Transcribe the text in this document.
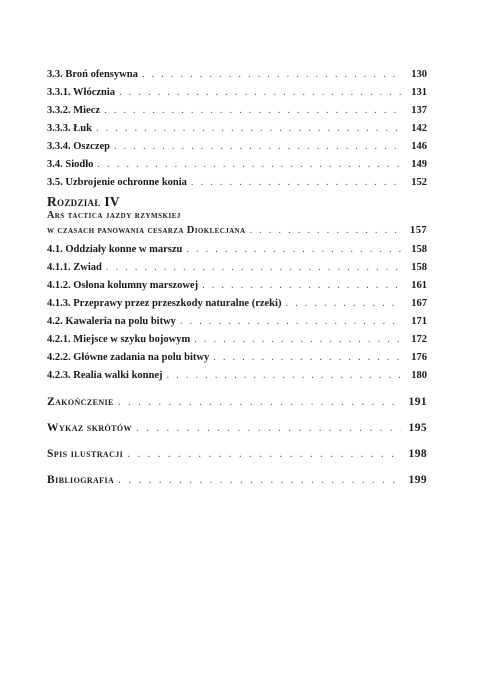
3.3. Broń ofensywna . . .	130
3.3.1. Włócznia . . .	131
3.3.2. Miecz . . .	137
3.3.3. Łuk . . .	142
3.3.4. Oszczep . . .	146
3.4. Siodło . . .	149
3.5. Uzbrojenie ochronne konia . . .	152
Rozdział IV
Ars tactica jazdy rzymskiej
w czasach panowania cesarza Dioklecjana . . .	157
4.1. Oddziały konne w marszu . . .	158
4.1.1. Zwiad . . .	158
4.1.2. Osłona kolumny marszowej . . .	161
4.1.3. Przeprawy przez przeszkody naturalne (rzeki) . . .	167
4.2. Kawaleria na polu bitwy . . .	171
4.2.1. Miejsce w szyku bojowym . . .	172
4.2.2. Główne zadania na polu bitwy . . .	176
4.2.3. Realia walki konnej . . .	180
Zakończenie . . .	191
Wykaz skrótów . . .	195
Spis ilustracji . . .	198
Bibliografia . . .	199
